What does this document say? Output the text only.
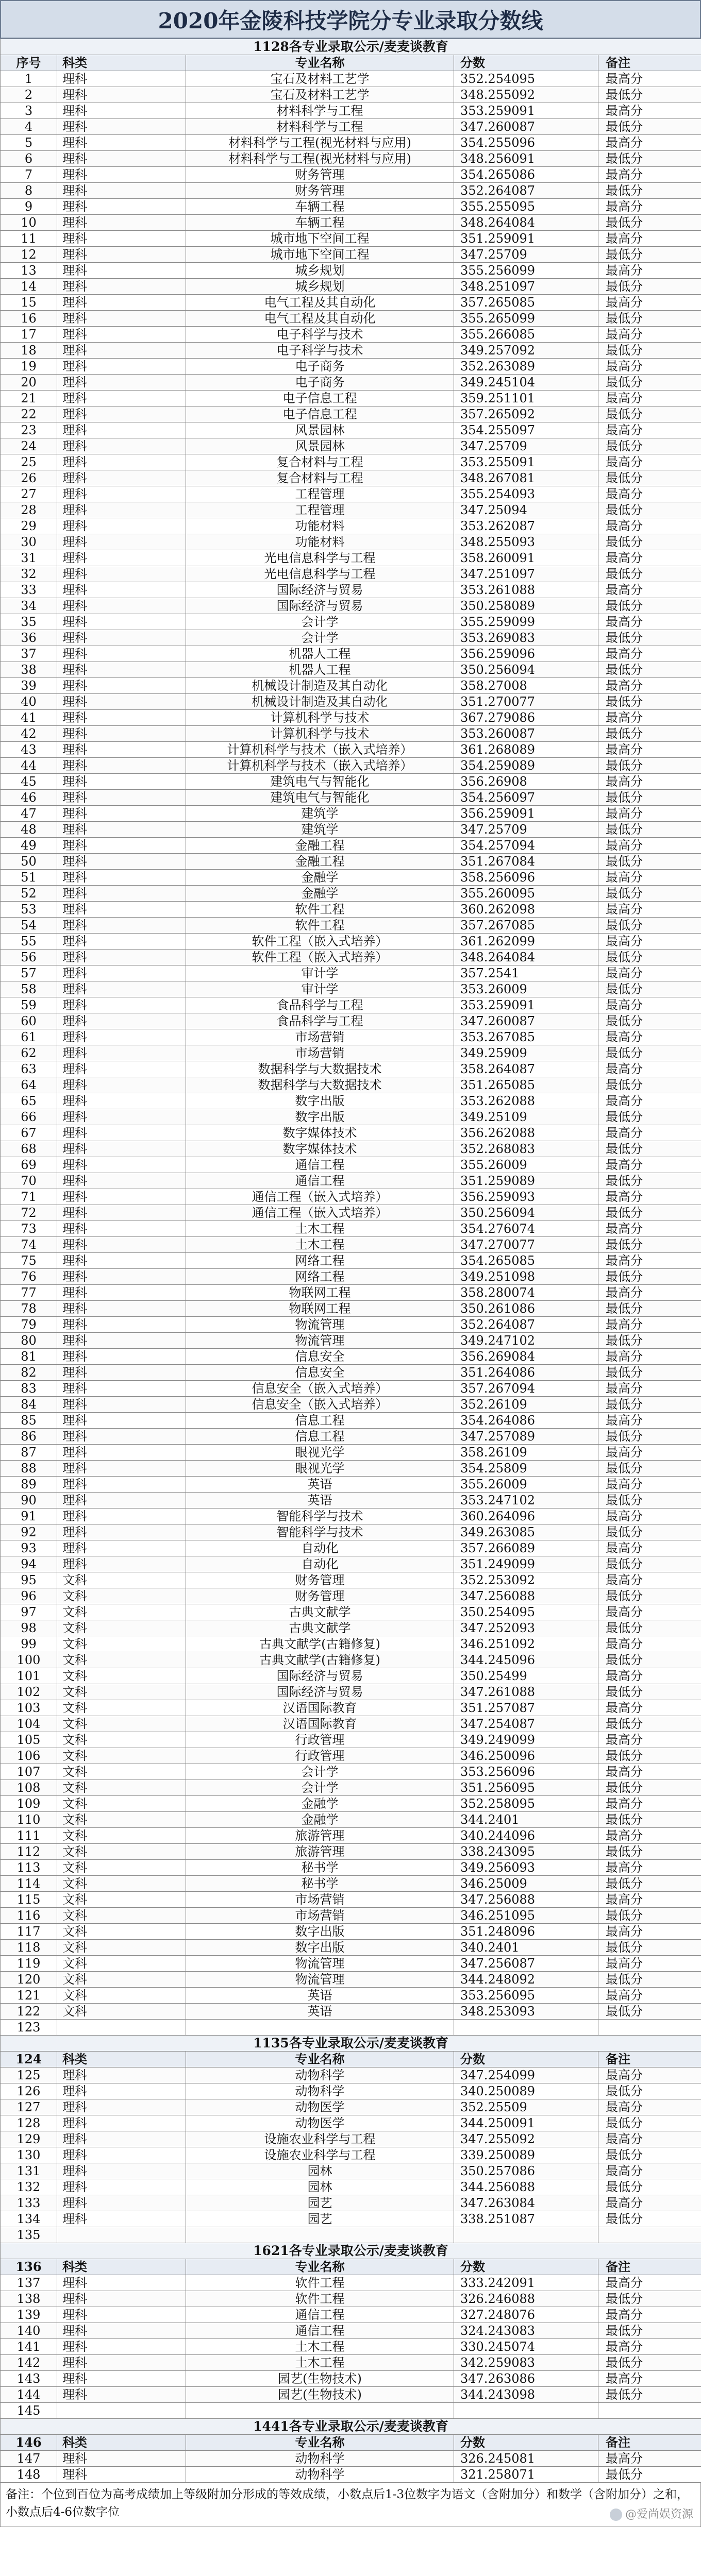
2020年金陵科技学院分专业录取分数线
1128各专业录取公示/麦麦谈教育				
序号	科类	专业名称	分数	备注
1	理科	宝石及材料工艺学	352.254095	最高分
2	理科	宝石及材料工艺学	348.255092	最低分
3	理科	材料科学与工程	353.259091	最高分
4	理科	材料科学与工程	347.260087	最低分
5	理科	材料科学与工程(视光材料与应用)	354.255096	最高分
6	理科	材料科学与工程(视光材料与应用)	348.256091	最低分
7	理科	财务管理	354.265086	最高分
8	理科	财务管理	352.264087	最低分
9	理科	车辆工程	355.255095	最高分
10	理科	车辆工程	348.264084	最低分
11	理科	城市地下空间工程	351.259091	最高分
12	理科	城市地下空间工程	347.25709	最低分
13	理科	城乡规划	355.256099	最高分
14	理科	城乡规划	348.251097	最低分
15	理科	电气工程及其自动化	357.265085	最高分
16	理科	电气工程及其自动化	355.265099	最低分
17	理科	电子科学与技术	355.266085	最高分
18	理科	电子科学与技术	349.257092	最低分
19	理科	电子商务	352.263089	最高分
20	理科	电子商务	349.245104	最低分
21	理科	电子信息工程	359.251101	最高分
22	理科	电子信息工程	357.265092	最低分
23	理科	风景园林	354.255097	最高分
24	理科	风景园林	347.25709	最低分
25	理科	复合材料与工程	353.255091	最高分
26	理科	复合材料与工程	348.267081	最低分
27	理科	工程管理	355.254093	最高分
28	理科	工程管理	347.25094	最低分
29	理科	功能材料	353.262087	最高分
30	理科	功能材料	348.255093	最低分
31	理科	光电信息科学与工程	358.260091	最高分
32	理科	光电信息科学与工程	347.251097	最低分
33	理科	国际经济与贸易	353.261088	最高分
34	理科	国际经济与贸易	350.258089	最低分
35	理科	会计学	355.259099	最高分
36	理科	会计学	353.269083	最低分
37	理科	机器人工程	356.259096	最高分
38	理科	机器人工程	350.256094	最低分
39	理科	机械设计制造及其自动化	358.27008	最高分
40	理科	机械设计制造及其自动化	351.270077	最低分
41	理科	计算机科学与技术	367.279086	最高分
42	理科	计算机科学与技术	353.260087	最低分
43	理科	计算机科学与技术（嵌入式培养）	361.268089	最高分
44	理科	计算机科学与技术（嵌入式培养）	354.259089	最低分
45	理科	建筑电气与智能化	356.26908	最高分
46	理科	建筑电气与智能化	354.256097	最低分
47	理科	建筑学	356.259091	最高分
48	理科	建筑学	347.25709	最低分
49	理科	金融工程	354.257094	最高分
50	理科	金融工程	351.267084	最低分
51	理科	金融学	358.256096	最高分
52	理科	金融学	355.260095	最低分
53	理科	软件工程	360.262098	最高分
54	理科	软件工程	357.267085	最低分
55	理科	软件工程（嵌入式培养）	361.262099	最高分
56	理科	软件工程（嵌入式培养）	348.264084	最低分
57	理科	审计学	357.2541	最高分
58	理科	审计学	353.26009	最低分
59	理科	食品科学与工程	353.259091	最高分
60	理科	食品科学与工程	347.260087	最低分
61	理科	市场营销	353.267085	最高分
62	理科	市场营销	349.25909	最低分
63	理科	数据科学与大数据技术	358.264087	最高分
64	理科	数据科学与大数据技术	351.265085	最低分
65	理科	数字出版	353.262088	最高分
66	理科	数字出版	349.25109	最低分
67	理科	数字媒体技术	356.262088	最高分
68	理科	数字媒体技术	352.268083	最低分
69	理科	通信工程	355.26009	最高分
70	理科	通信工程	351.259089	最低分
71	理科	通信工程（嵌入式培养）	356.259093	最高分
72	理科	通信工程（嵌入式培养）	350.256094	最低分
73	理科	土木工程	354.276074	最高分
74	理科	土木工程	347.270077	最低分
75	理科	网络工程	354.265085	最高分
76	理科	网络工程	349.251098	最低分
77	理科	物联网工程	358.280074	最高分
78	理科	物联网工程	350.261086	最低分
79	理科	物流管理	352.264087	最高分
80	理科	物流管理	349.247102	最低分
81	理科	信息安全	356.269084	最高分
82	理科	信息安全	351.264086	最低分
83	理科	信息安全（嵌入式培养）	357.267094	最高分
84	理科	信息安全（嵌入式培养）	352.26109	最低分
85	理科	信息工程	354.264086	最高分
86	理科	信息工程	347.257089	最低分
87	理科	眼视光学	358.26109	最高分
88	理科	眼视光学	354.25809	最低分
89	理科	英语	355.26009	最高分
90	理科	英语	353.247102	最低分
91	理科	智能科学与技术	360.264096	最高分
92	理科	智能科学与技术	349.263085	最低分
93	理科	自动化	357.266089	最高分
94	理科	自动化	351.249099	最低分
95	文科	财务管理	352.253092	最高分
96	文科	财务管理	347.256088	最低分
97	文科	古典文献学	350.254095	最高分
98	文科	古典文献学	347.252093	最低分
99	文科	古典文献学(古籍修复)	346.251092	最高分
100	文科	古典文献学(古籍修复)	344.245096	最低分
101	文科	国际经济与贸易	350.25499	最高分
102	文科	国际经济与贸易	347.261088	最低分
103	文科	汉语国际教育	351.257087	最高分
104	文科	汉语国际教育	347.254087	最低分
105	文科	行政管理	349.249099	最高分
106	文科	行政管理	346.250096	最低分
107	文科	会计学	353.256096	最高分
108	文科	会计学	351.256095	最低分
109	文科	金融学	352.258095	最高分
110	文科	金融学	344.2401	最低分
111	文科	旅游管理	340.244096	最高分
112	文科	旅游管理	338.243095	最低分
113	文科	秘书学	349.256093	最高分
114	文科	秘书学	346.25009	最低分
115	文科	市场营销	347.256088	最高分
116	文科	市场营销	346.251095	最低分
117	文科	数字出版	351.248096	最高分
118	文科	数字出版	340.2401	最低分
119	文科	物流管理	347.256087	最高分
120	文科	物流管理	344.248092	最低分
121	文科	英语	353.256095	最高分
122	文科	英语	348.253093	最低分
123				
1135各专业录取公示/麦麦谈教育				
124	科类	专业名称	分数	备注
125	理科	动物科学	347.254099	最高分
126	理科	动物科学	340.250089	最低分
127	理科	动物医学	352.25509	最高分
128	理科	动物医学	344.250091	最低分
129	理科	设施农业科学与工程	347.255092	最高分
130	理科	设施农业科学与工程	339.250089	最低分
131	理科	园林	350.257086	最高分
132	理科	园林	344.256088	最低分
133	理科	园艺	347.263084	最高分
134	理科	园艺	338.251087	最低分
135				
1621各专业录取公示/麦麦谈教育				
136	科类	专业名称	分数	备注
137	理科	软件工程	333.242091	最高分
138	理科	软件工程	326.246088	最低分
139	理科	通信工程	327.248076	最高分
140	理科	通信工程	324.243083	最低分
141	理科	土木工程	330.245074	最高分
142	理科	土木工程	342.259083	最低分
143	理科	园艺(生物技术)	347.263086	最高分
144	理科	园艺(生物技术)	344.243098	最低分
145				
1441各专业录取公示/麦麦谈教育				
146	科类	专业名称	分数	备注
147	理科	动物科学	326.245081	最高分
148	理科	动物科学	321.258071	最低分
备注：个位到百位为高考成绩加上等级附加分形成的等效成绩，小数点后1-3位数字为语文（含附加分）和数学（含附加分）之和，小数点后4-6位数字位	@爱尚娱资源
